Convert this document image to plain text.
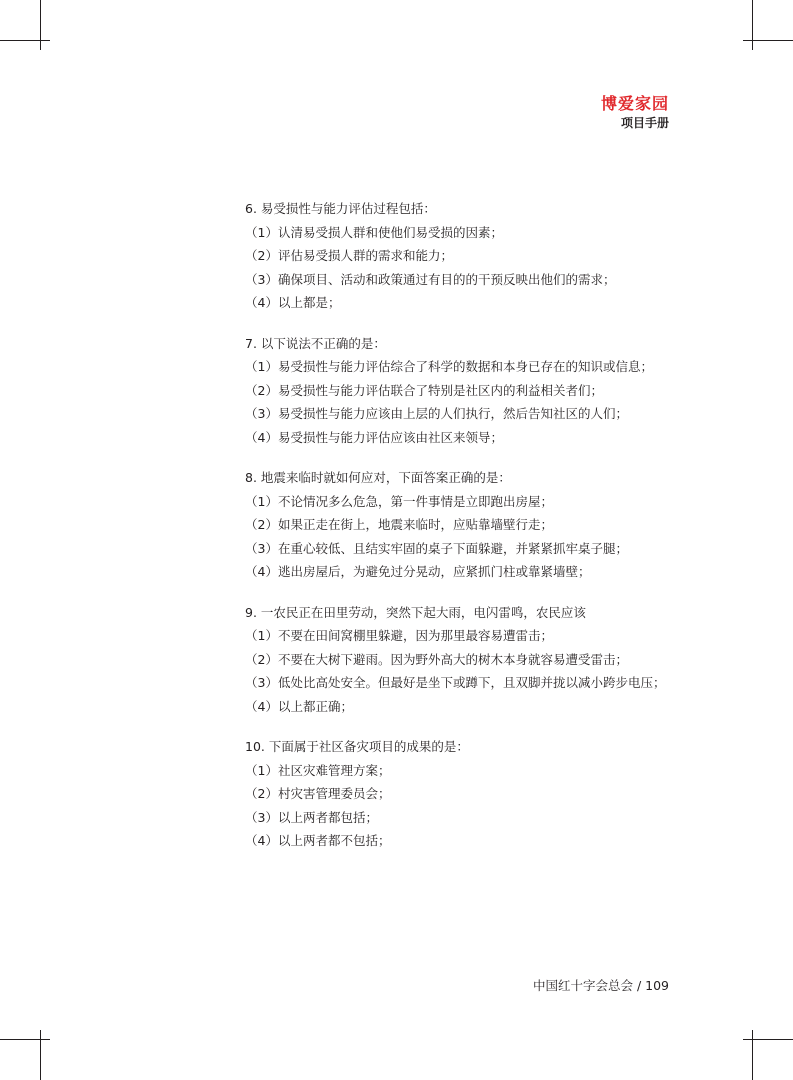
博爱家园
项目手册
6. 易受损性与能力评估过程包括：
（1）认清易受损人群和使他们易受损的因素；
（2）评估易受损人群的需求和能力；
（3）确保项目、活动和政策通过有目的的干预反映出他们的需求；
（4）以上都是；
7. 以下说法不正确的是：
（1）易受损性与能力评估综合了科学的数据和本身已存在的知识或信息；
（2）易受损性与能力评估联合了特别是社区内的利益相关者们；
（3）易受损性与能力应该由上层的人们执行，然后告知社区的人们；
（4）易受损性与能力评估应该由社区来领导；
8. 地震来临时就如何应对，下面答案正确的是：
（1）不论情况多么危急，第一件事情是立即跑出房屋；
（2）如果正走在街上，地震来临时，应贴靠墙壁行走；
（3）在重心较低、且结实牢固的桌子下面躲避，并紧紧抓牢桌子腿；
（4）逃出房屋后，为避免过分晃动，应紧抓门柱或靠紧墙壁；
9. 一农民正在田里劳动，突然下起大雨，电闪雷鸣，农民应该
（1）不要在田间窝棚里躲避，因为那里最容易遭雷击；
（2）不要在大树下避雨。因为野外高大的树木本身就容易遭受雷击；
（3）低处比高处安全。但最好是坐下或蹲下，且双脚并拢以减小跨步电压；
（4）以上都正确；
10. 下面属于社区备灾项目的成果的是：
（1）社区灾难管理方案；
（2）村灾害管理委员会；
（3）以上两者都包括；
（4）以上两者都不包括；
中国红十字会总会 / 109
